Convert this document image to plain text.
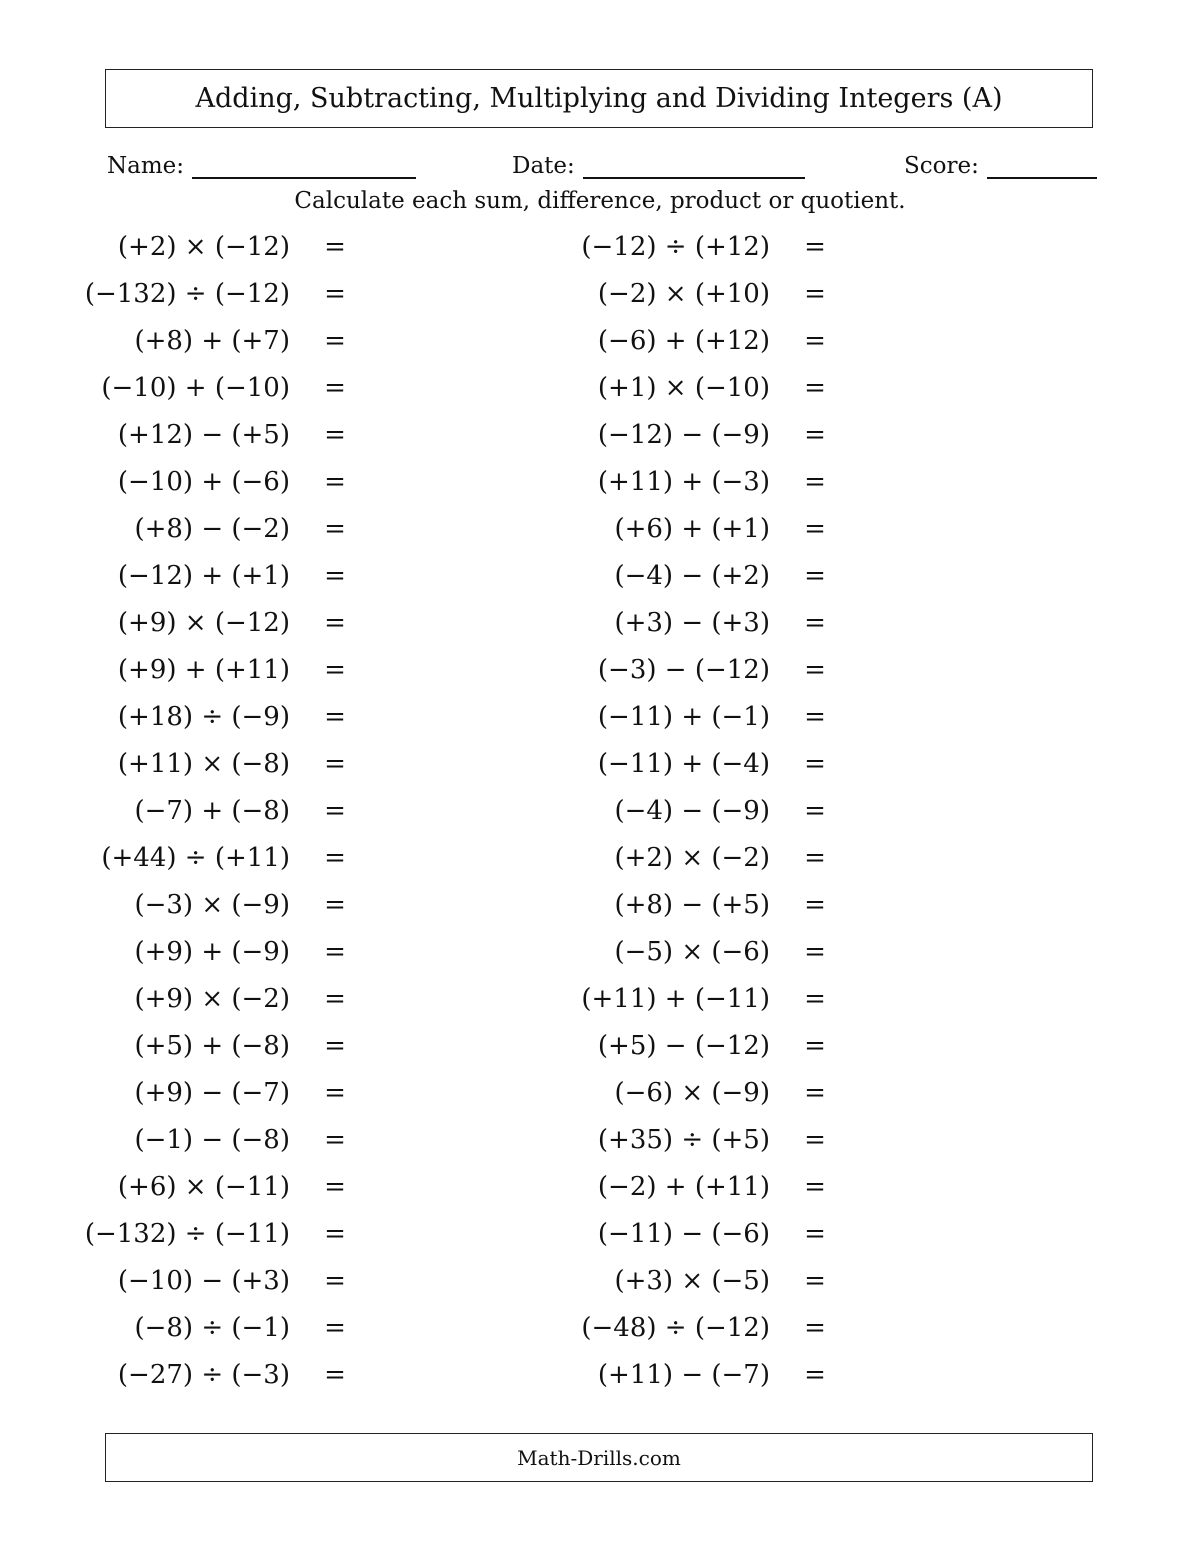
Adding, Subtracting, Multiplying and Dividing Integers (A)
Name:	Date:	Score:
Calculate each sum, difference, product or quotient.
(+2) × (−12) =
(−132) ÷ (−12) =
(+8) + (+7) =
(−10) + (−10) =
(+12) − (+5) =
(−10) + (−6) =
(+8) − (−2) =
(−12) + (+1) =
(+9) × (−12) =
(+9) + (+11) =
(+18) ÷ (−9) =
(+11) × (−8) =
(−7) + (−8) =
(+44) ÷ (+11) =
(−3) × (−9) =
(+9) + (−9) =
(+9) × (−2) =
(+5) + (−8) =
(+9) − (−7) =
(−1) − (−8) =
(+6) × (−11) =
(−132) ÷ (−11) =
(−10) − (+3) =
(−8) ÷ (−1) =
(−27) ÷ (−3) =
(−12) ÷ (+12) =
(−2) × (+10) =
(−6) + (+12) =
(+1) × (−10) =
(−12) − (−9) =
(+11) + (−3) =
(+6) + (+1) =
(−4) − (+2) =
(+3) − (+3) =
(−3) − (−12) =
(−11) + (−1) =
(−11) + (−4) =
(−4) − (−9) =
(+2) × (−2) =
(+8) − (+5) =
(−5) × (−6) =
(+11) + (−11) =
(+5) − (−12) =
(−6) × (−9) =
(+35) ÷ (+5) =
(−2) + (+11) =
(−11) − (−6) =
(+3) × (−5) =
(−48) ÷ (−12) =
(+11) − (−7) =
Math-Drills.com
